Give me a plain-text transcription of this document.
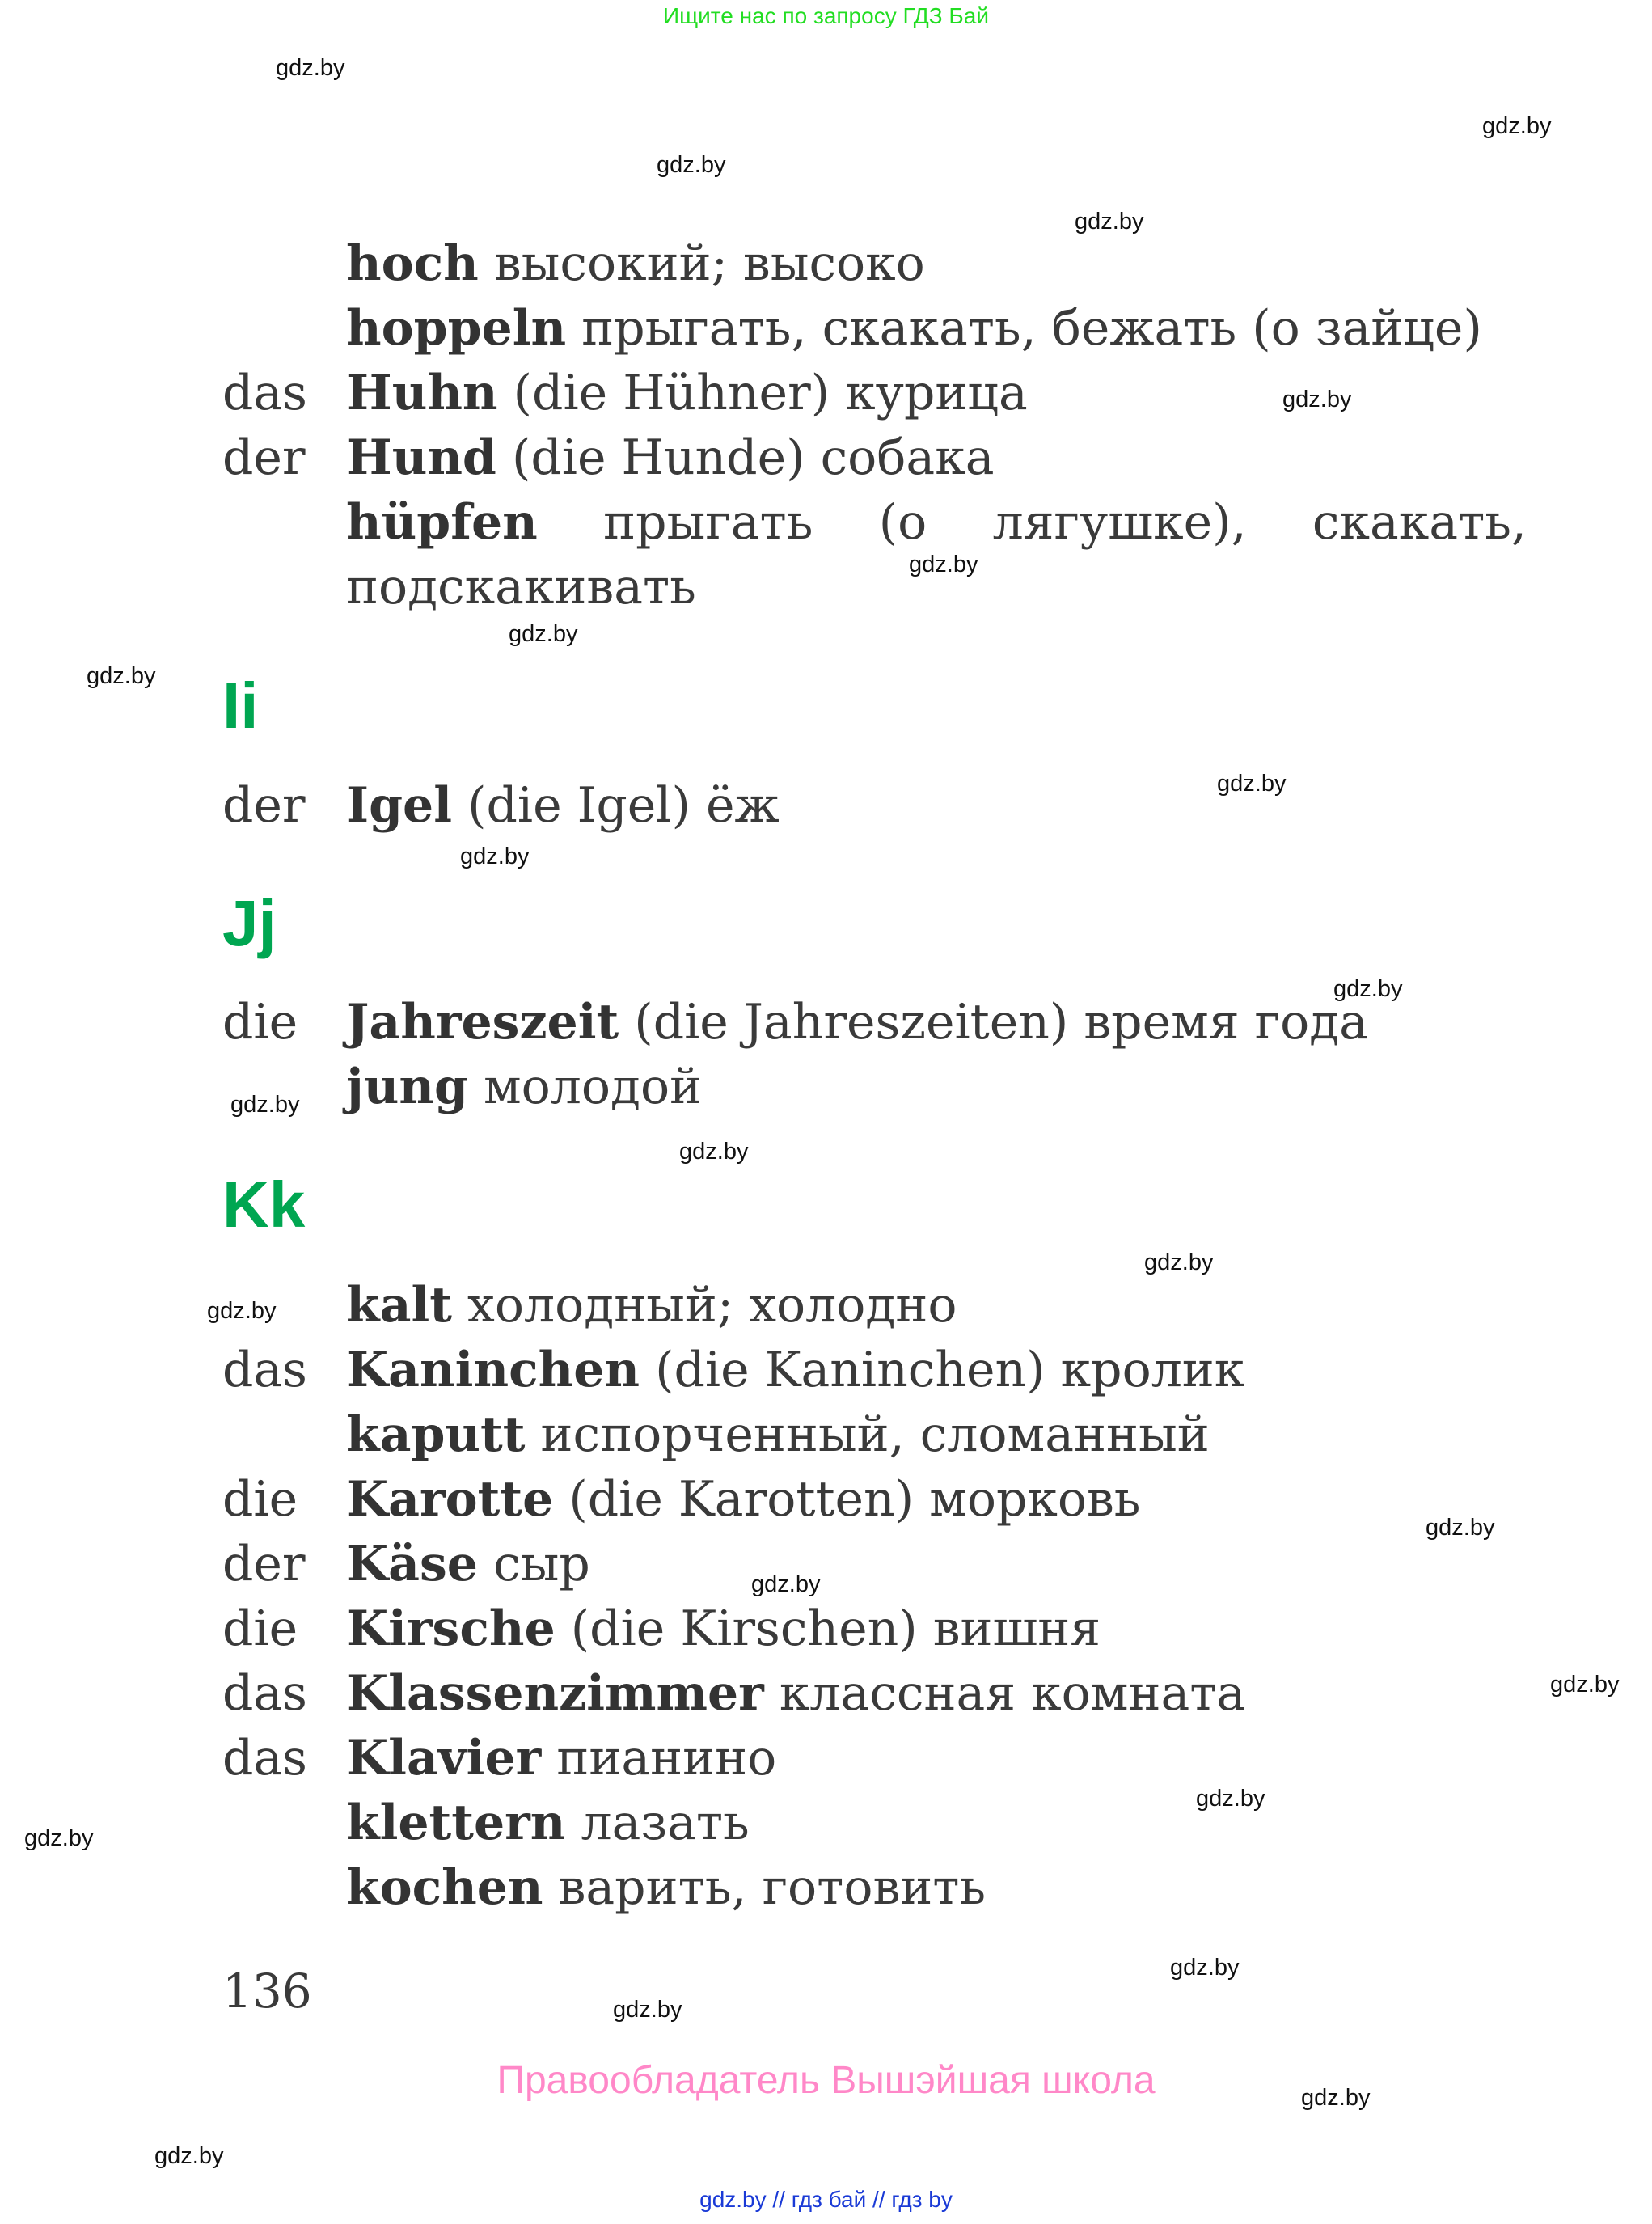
Ищите нас по запросу ГДЗ Бай
gdz.by
gdz.by
gdz.by
gdz.by
gdz.by
gdz.by
gdz.by
gdz.by
gdz.by
gdz.by
gdz.by
gdz.by
gdz.by
gdz.by
gdz.by
gdz.by
gdz.by
gdz.by
gdz.by
gdz.by
gdz.by
gdz.by
gdz.by
gdz.by
hoch высокий; высоко
hoppeln прыгать, скакать, бежать (о зайце)
das Huhn (die Hühner) курица
der Hund (die Hunde) собака
hüpfen прыгать (о лягушке), скакать,
подскакивать
Ii
der Igel (die Igel) ёж
Jj
die Jahreszeit (die Jahreszeiten) время года
jung молодой
Kk
kalt холодный; холодно
das Kaninchen (die Kaninchen) кролик
kaputt испорченный, сломанный
die Karotte (die Karotten) морковь
der Käse сыр
die Kirsche (die Kirschen) вишня
das Klassenzimmer классная комната
das Klavier пианино
klettern лазать
kochen варить, готовить
136
Правообладатель Вышэйшая школа
gdz.by // гдз бай // гдз by
